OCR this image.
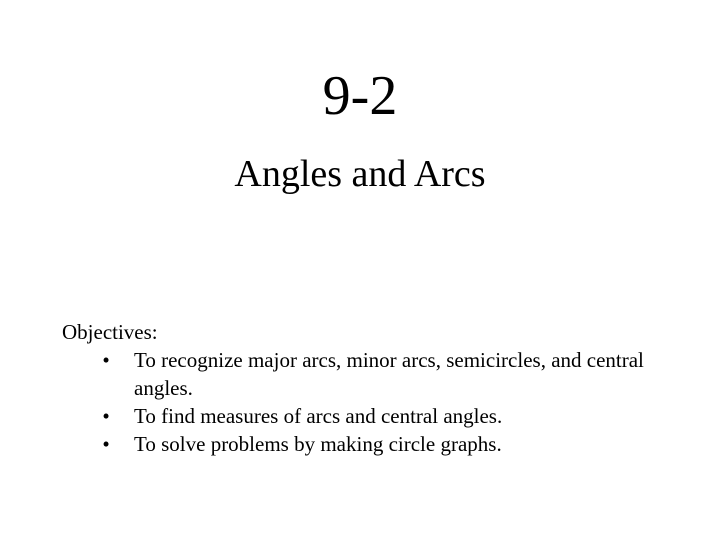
9-2
Angles and Arcs
Objectives:
•	To recognize major arcs, minor arcs, semicircles, and central angles.
•	To find measures of arcs and central angles.
•	To solve problems by making circle graphs.
